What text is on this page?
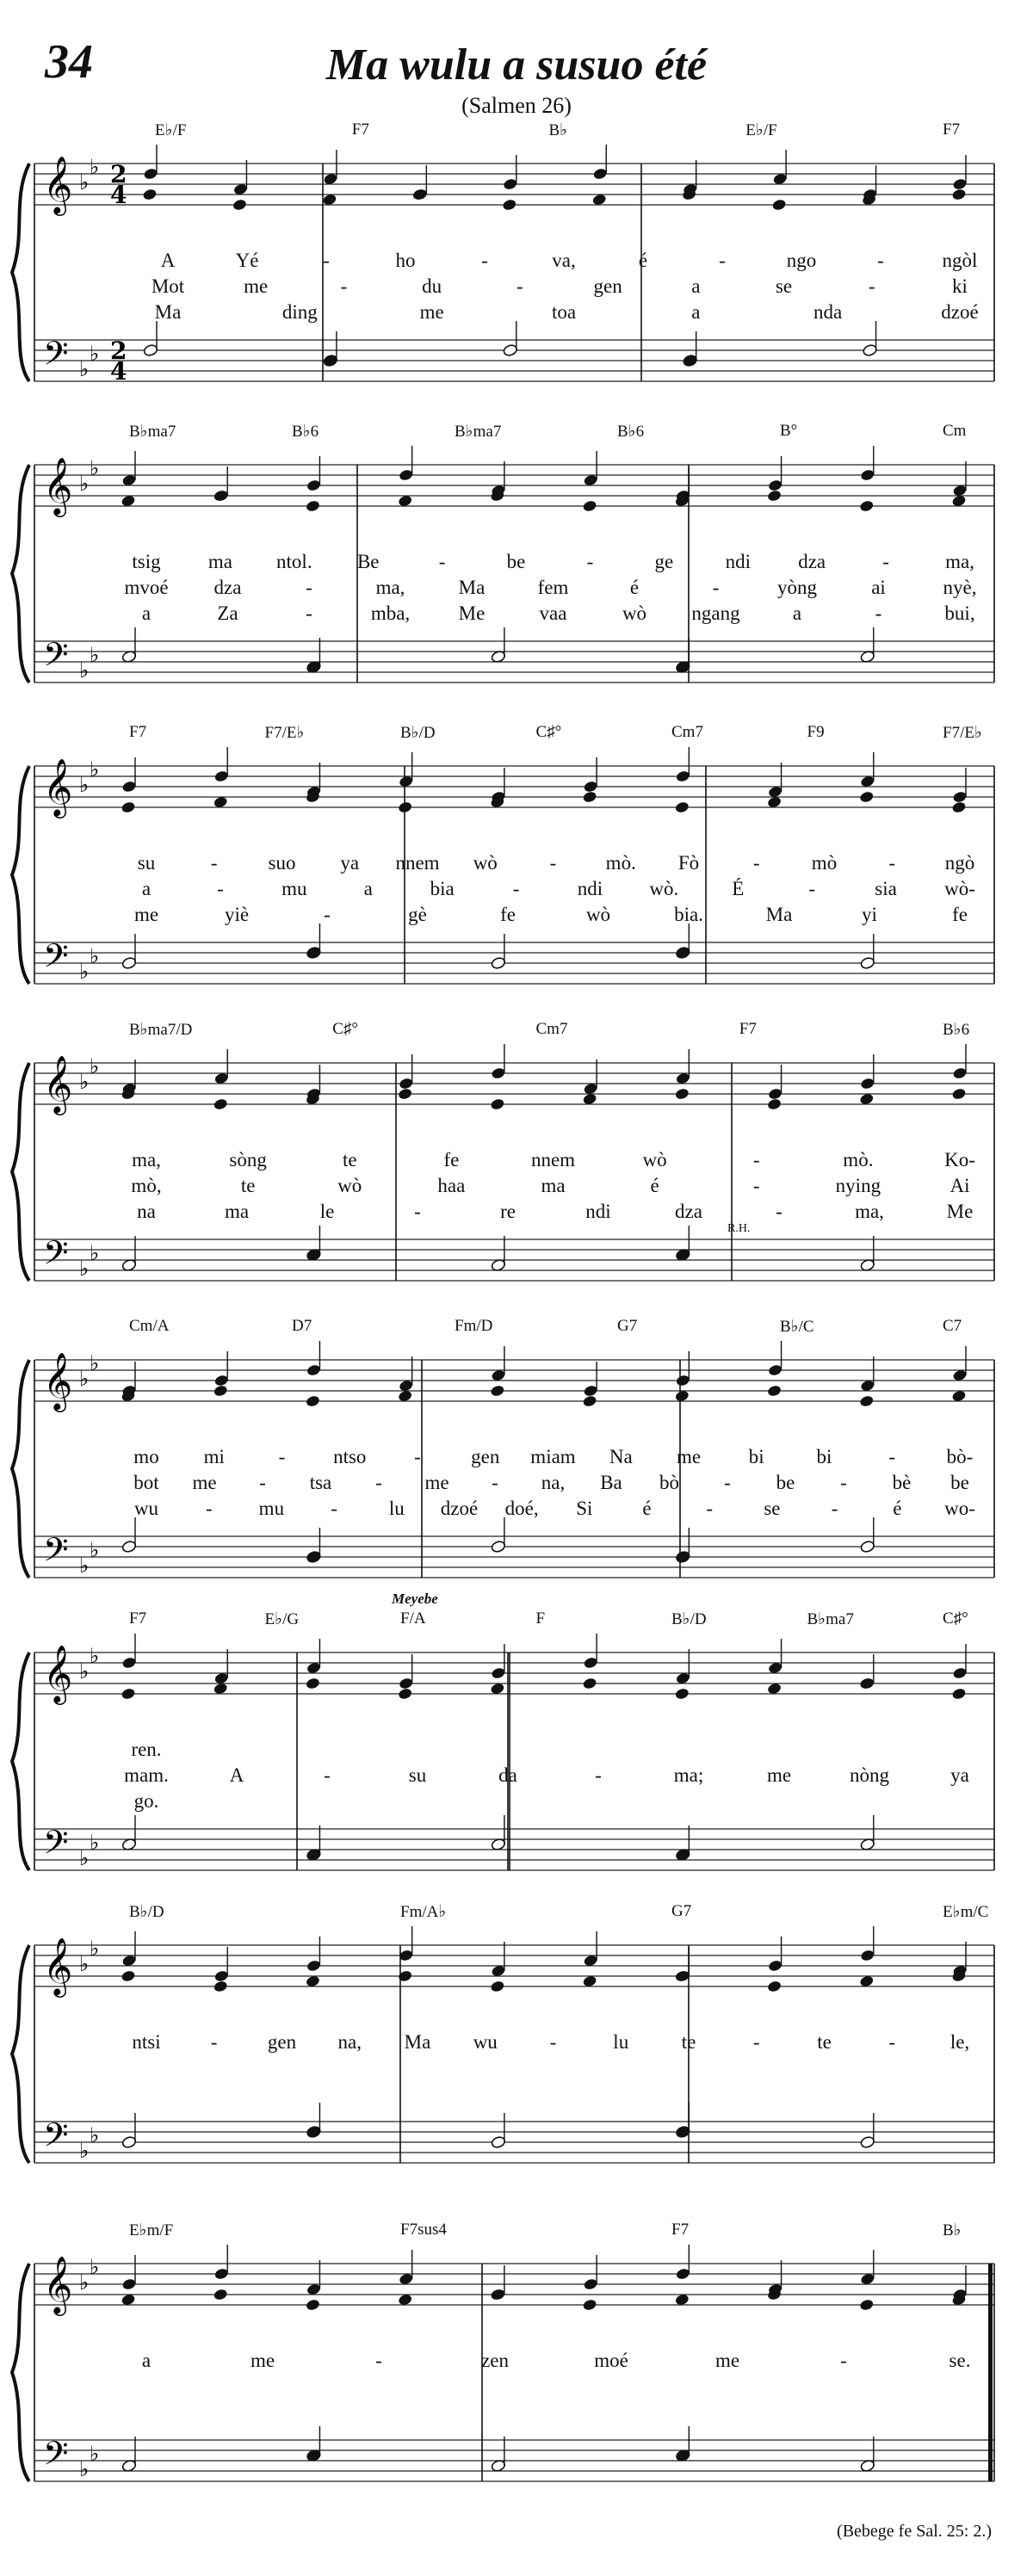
34	Ma wulu a susuo été
(Salmen 26)
𝄞
𝄢
♭
♭
♭
♭
2
4
2
4
E♭/F	F7	B♭	E♭/F	F7
A	Yé	-	ho	-	va,	é	-	ngo	-	ngòl
Mot	me	-	du	-	gen	a	se	-	ki
Ma	ding	me	toa	a	nda	dzoé
𝄞
𝄢
♭
♭
♭
♭
B♭ma7	B♭6	B♭ma7	B♭6	B°	Cm
tsig ma ntol. Be	-	be	-	ge	ndi dza	-	ma,
mvoé dza	-	ma,	Ma	fem	é	-	yòng	ai	nyè,
a	Za	-	mba, Me	vaa	wò ngang	a	-	bui,
𝄞
𝄢
♭
♭
♭
♭
F7	F7/E♭	B♭/D	C♯°	Cm7	F9	F7/E♭
su	-	suo ya nnem wò	- mò. Fò	-	mò	-	ngò
a	-	mu	a	bia	-	ndi wò.	É	-	sia wò-
me	yiè	-	gè	fe	wò	bia.	Ma	yi	fe
𝄞
𝄢
♭
♭
♭
♭
B♭ma7/D	C♯°	Cm7	F7	B♭6
R.H.
ma,	sòng	te	fe	nnem	wò	-	mò.	Ko-
mò,	te	wò	haa	ma	é	-	nying	Ai
na	ma	le	-	re	ndi	dza	-	ma,	Me
𝄞
𝄢
♭
♭
♭
♭
Cm/A	D7	Fm/D	G7	B♭/C	C7
mo mi	- ntso -	gen miam Na me bi	bi	-	bò-
bot me - tsa - me - na, Ba bò - be - bè be
wu - mu -	lu dzoé doé, Si	é	-	se	-	é wo-
𝄞
𝄢
♭
♭
♭
♭
F7	E♭/G	F/A	F	B♭/D	B♭ma7	C♯°
Meyebe
ren.
mam.	A	-	su	da	-	ma;	me	nòng	ya
go.
𝄞
𝄢
♭
♭
♭
♭
B♭/D	Fm/A♭	G7	E♭m/C
ntsi	-	gen na, Ma wu	-	lu	te	-	te	-	le,
𝄞
𝄢
♭
♭
♭
♭
E♭m/F	F7sus4	F7	B♭
a	me	-	zen	moé	me	-	se.
(Bebege fe Sal. 25: 2.)
